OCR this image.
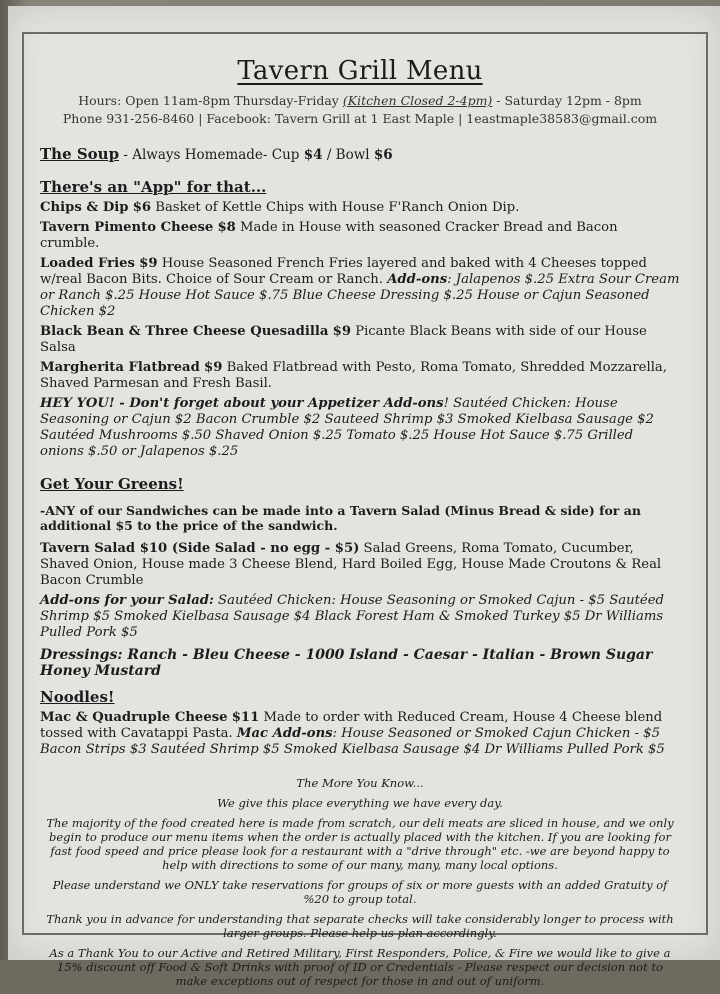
Tavern Grill Menu
Hours: Open 11am-8pm Thursday-Friday (Kitchen Closed 2-4pm) - Saturday 12pm - 8pm
Phone 931-256-8460 | Facebook: Tavern Grill at 1 East Maple | 1eastmaple38583@gmail.com
The Soup - Always Homemade- Cup $4 / Bowl $6
There's an "App" for that...
Chips & Dip $6 Basket of Kettle Chips with House F'Ranch Onion Dip.
Tavern Pimento Cheese $8 Made in House with seasoned Cracker Bread and Bacon crumble.
Loaded Fries $9 House Seasoned French Fries layered and baked with 4 Cheeses topped w/real Bacon Bits. Choice of Sour Cream or Ranch. Add-ons: Jalapenos $.25 Extra Sour Cream or Ranch $.25 House Hot Sauce $.75 Blue Cheese Dressing $.25 House or Cajun Seasoned Chicken $2
Black Bean & Three Cheese Quesadilla $9 Picante Black Beans with side of our House Salsa
Margherita Flatbread $9 Baked Flatbread with Pesto, Roma Tomato, Shredded Mozzarella, Shaved Parmesan and Fresh Basil.
HEY YOU! - Don't forget about your Appetizer Add-ons! Sautéed Chicken: House Seasoning or Cajun $2 Bacon Crumble $2 Sauteed Shrimp $3 Smoked Kielbasa Sausage $2 Sautéed Mushrooms $.50 Shaved Onion $.25 Tomato $.25 House Hot Sauce $.75 Grilled onions $.50 or Jalapenos $.25
Get Your Greens!
-ANY of our Sandwiches can be made into a Tavern Salad (Minus Bread & side) for an additional $5 to the price of the sandwich.
Tavern Salad $10 (Side Salad - no egg - $5) Salad Greens, Roma Tomato, Cucumber, Shaved Onion, House made 3 Cheese Blend, Hard Boiled Egg, House Made Croutons & Real Bacon Crumble
Add-ons for your Salad: Sautéed Chicken: House Seasoning or Smoked Cajun - $5 Sautéed Shrimp $5 Smoked Kielbasa Sausage $4 Black Forest Ham & Smoked Turkey $5 Dr Williams Pulled Pork $5
Dressings: Ranch - Bleu Cheese - 1000 Island - Caesar - Italian - Brown Sugar Honey Mustard
Noodles!
Mac & Quadruple Cheese $11 Made to order with Reduced Cream, House 4 Cheese blend tossed with Cavatappi Pasta. Mac Add-ons: House Seasoned or Smoked Cajun Chicken - $5 Bacon Strips $3 Sautéed Shrimp $5 Smoked Kielbasa Sausage $4 Dr Williams Pulled Pork $5

The More You Know...

We give this place everything we have every day.

The majority of the food created here is made from scratch, our deli meats are sliced in house, and we only begin to produce our menu items when the order is actually placed with the kitchen. If you are looking for fast food speed and price please look for a restaurant with a "drive through" etc. -we are beyond happy to help with directions to some of our many, many, many local options.

Please understand we ONLY take reservations for groups of six or more guests with an added Gratuity of %20 to group total.

Thank you in advance for understanding that separate checks will take considerably longer to process with larger groups. Please help us plan accordingly.

As a Thank You to our Active and Retired Military, First Responders, Police, & Fire we would like to give a 15% discount off Food & Soft Drinks with proof of ID or Credentials - Please respect our decision not to make exceptions out of respect for those in and out of uniform.
